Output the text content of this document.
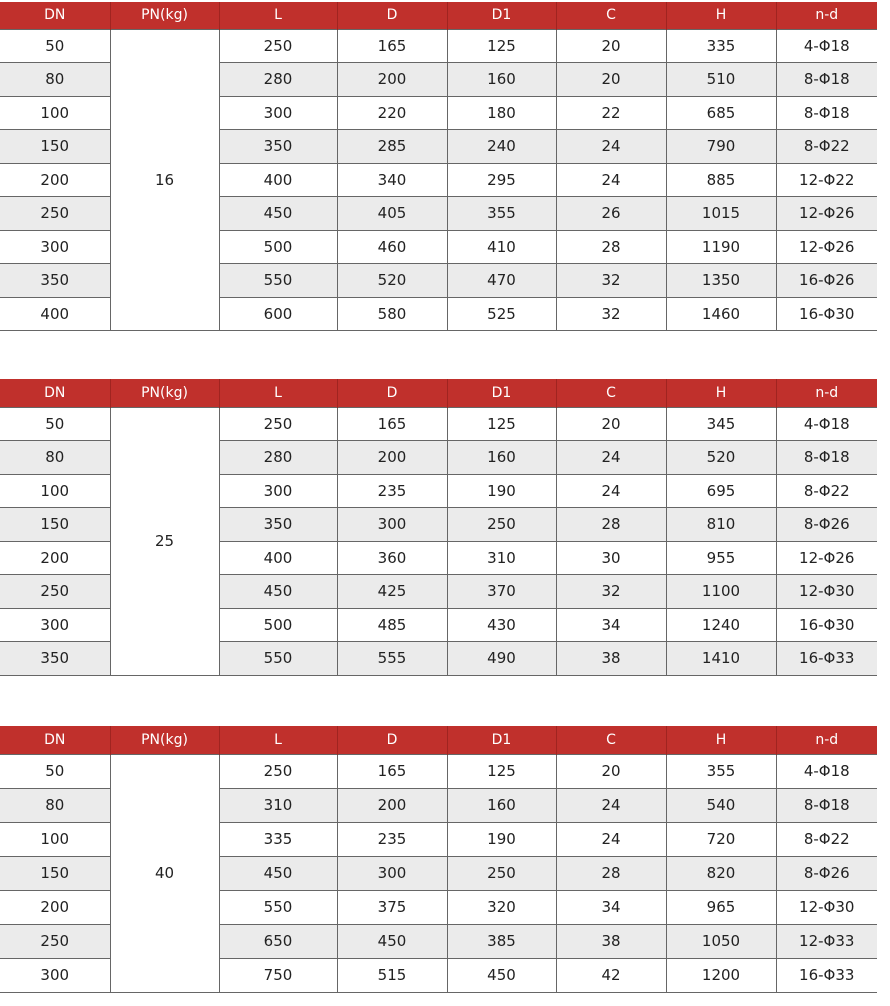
DN	PN(kg)	L	D	D1	C	H	n-d
50	16	250	165	125	20	335	4-Φ18
80		280	200	160	20	510	8-Φ18
100		300	220	180	22	685	8-Φ18
150		350	285	240	24	790	8-Φ22
200		400	340	295	24	885	12-Φ22
250		450	405	355	26	1015	12-Φ26
300		500	460	410	28	1190	12-Φ26
350		550	520	470	32	1350	16-Φ26
400		600	580	525	32	1460	16-Φ30
DN	PN(kg)	L	D	D1	C	H	n-d
50	25	250	165	125	20	345	4-Φ18
80		280	200	160	24	520	8-Φ18
100		300	235	190	24	695	8-Φ22
150		350	300	250	28	810	8-Φ26
200		400	360	310	30	955	12-Φ26
250		450	425	370	32	1100	12-Φ30
300		500	485	430	34	1240	16-Φ30
350		550	555	490	38	1410	16-Φ33
DN	PN(kg)	L	D	D1	C	H	n-d
50	40	250	165	125	20	355	4-Φ18
80		310	200	160	24	540	8-Φ18
100		335	235	190	24	720	8-Φ22
150		450	300	250	28	820	8-Φ26
200		550	375	320	34	965	12-Φ30
250		650	450	385	38	1050	12-Φ33
300		750	515	450	42	1200	16-Φ33
